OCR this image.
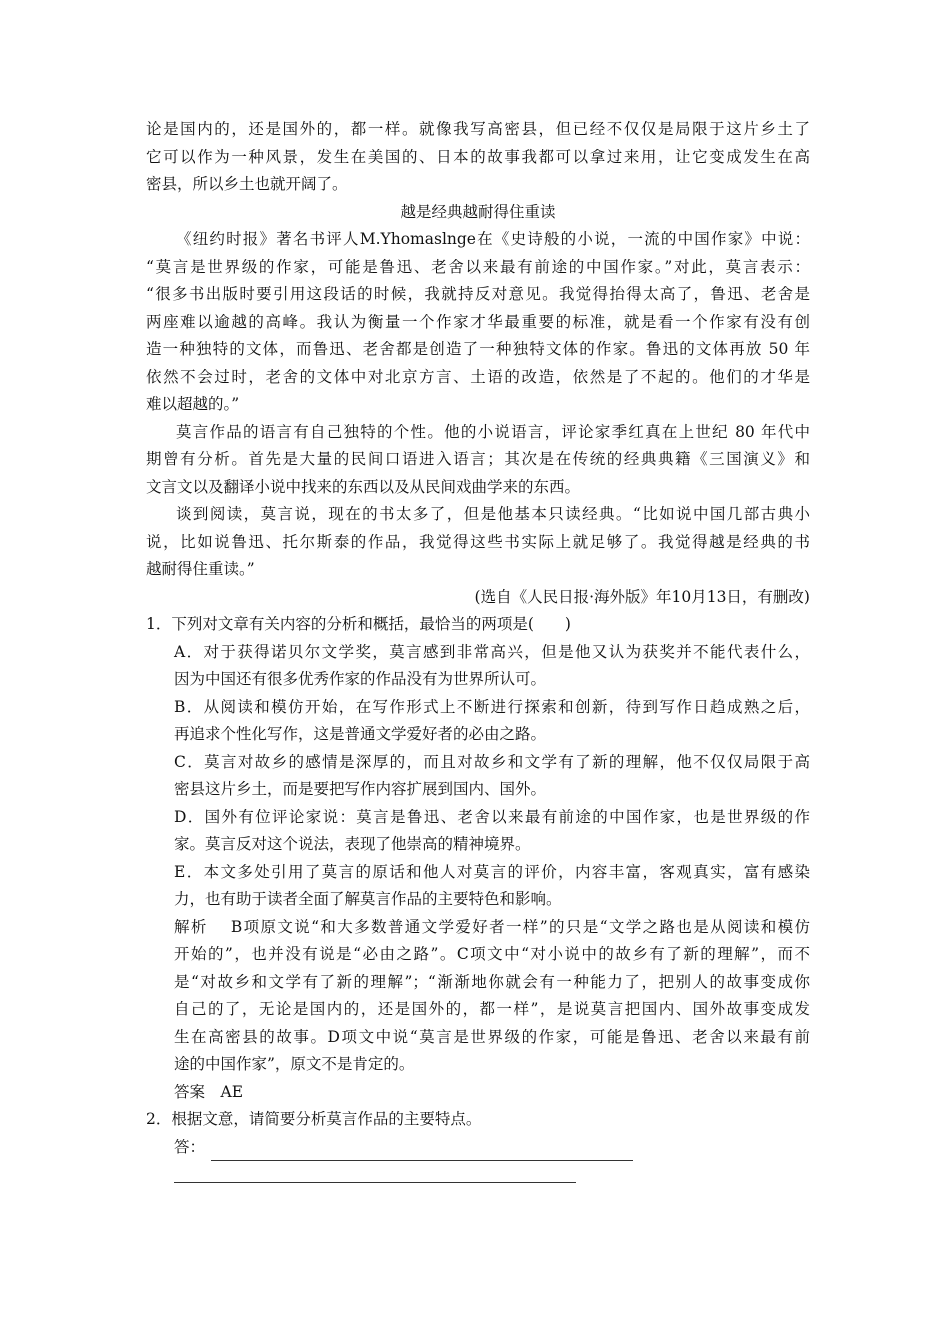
论是国内的，还是国外的，都一样。就像我写高密县，但已经不仅仅是局限于这片乡土了
它可以作为一种风景，发生在美国的、日本的故事我都可以拿过来用，让它变成发生在高
密县，所以乡土也就开阔了。
越是经典越耐得住重读
《纽约时报》著名书评人M.Yhomaslnge在《史诗般的小说，一流的中国作家》中说：
“莫言是世界级的作家，可能是鲁迅、老舍以来最有前途的中国作家。”对此，莫言表示：
“很多书出版时要引用这段话的时候，我就持反对意见。我觉得抬得太高了，鲁迅、老舍是
两座难以逾越的高峰。我认为衡量一个作家才华最重要的标准，就是看一个作家有没有创
造一种独特的文体，而鲁迅、老舍都是创造了一种独特文体的作家。鲁迅的文体再放 50 年
依然不会过时，老舍的文体中对北京方言、土语的改造，依然是了不起的。他们的才华是
难以超越的。”
莫言作品的语言有自己独特的个性。他的小说语言，评论家季红真在上世纪 80 年代中
期曾有分析。首先是大量的民间口语进入语言；其次是在传统的经典典籍《三国演义》和
文言文以及翻译小说中找来的东西以及从民间戏曲学来的东西。
谈到阅读，莫言说，现在的书太多了，但是他基本只读经典。“比如说中国几部古典小
说，比如说鲁迅、托尔斯泰的作品，我觉得这些书实际上就足够了。我觉得越是经典的书
越耐得住重读。”
(选自《人民日报·海外版》年10月13日，有删改)
1．下列对文章有关内容的分析和概括，最恰当的两项是(　　)
A．对于获得诺贝尔文学奖，莫言感到非常高兴，但是他又认为获奖并不能代表什么，
因为中国还有很多优秀作家的作品没有为世界所认可。
B．从阅读和模仿开始，在写作形式上不断进行探索和创新，待到写作日趋成熟之后，
再追求个性化写作，这是普通文学爱好者的必由之路。
C．莫言对故乡的感情是深厚的，而且对故乡和文学有了新的理解，他不仅仅局限于高
密县这片乡土，而是要把写作内容扩展到国内、国外。
D．国外有位评论家说：莫言是鲁迅、老舍以来最有前途的中国作家，也是世界级的作
家。莫言反对这个说法，表现了他崇高的精神境界。
E．本文多处引用了莫言的原话和他人对莫言的评价，内容丰富，客观真实，富有感染
力，也有助于读者全面了解莫言作品的主要特色和影响。
解析　 B项原文说“和大多数普通文学爱好者一样”的只是“文学之路也是从阅读和模仿
开始的”，也并没有说是“必由之路”。C项文中“对小说中的故乡有了新的理解”，而不
是“对故乡和文学有了新的理解”；“渐渐地你就会有一种能力了，把别人的故事变成你
自己的了，无论是国内的，还是国外的，都一样”，是说莫言把国内、国外故事变成发
生在高密县的故事。D项文中说“莫言是世界级的作家，可能是鲁迅、老舍以来最有前
途的中国作家”，原文不是肯定的。
答案　AE
2．根据文意，请简要分析莫言作品的主要特点。
答：
